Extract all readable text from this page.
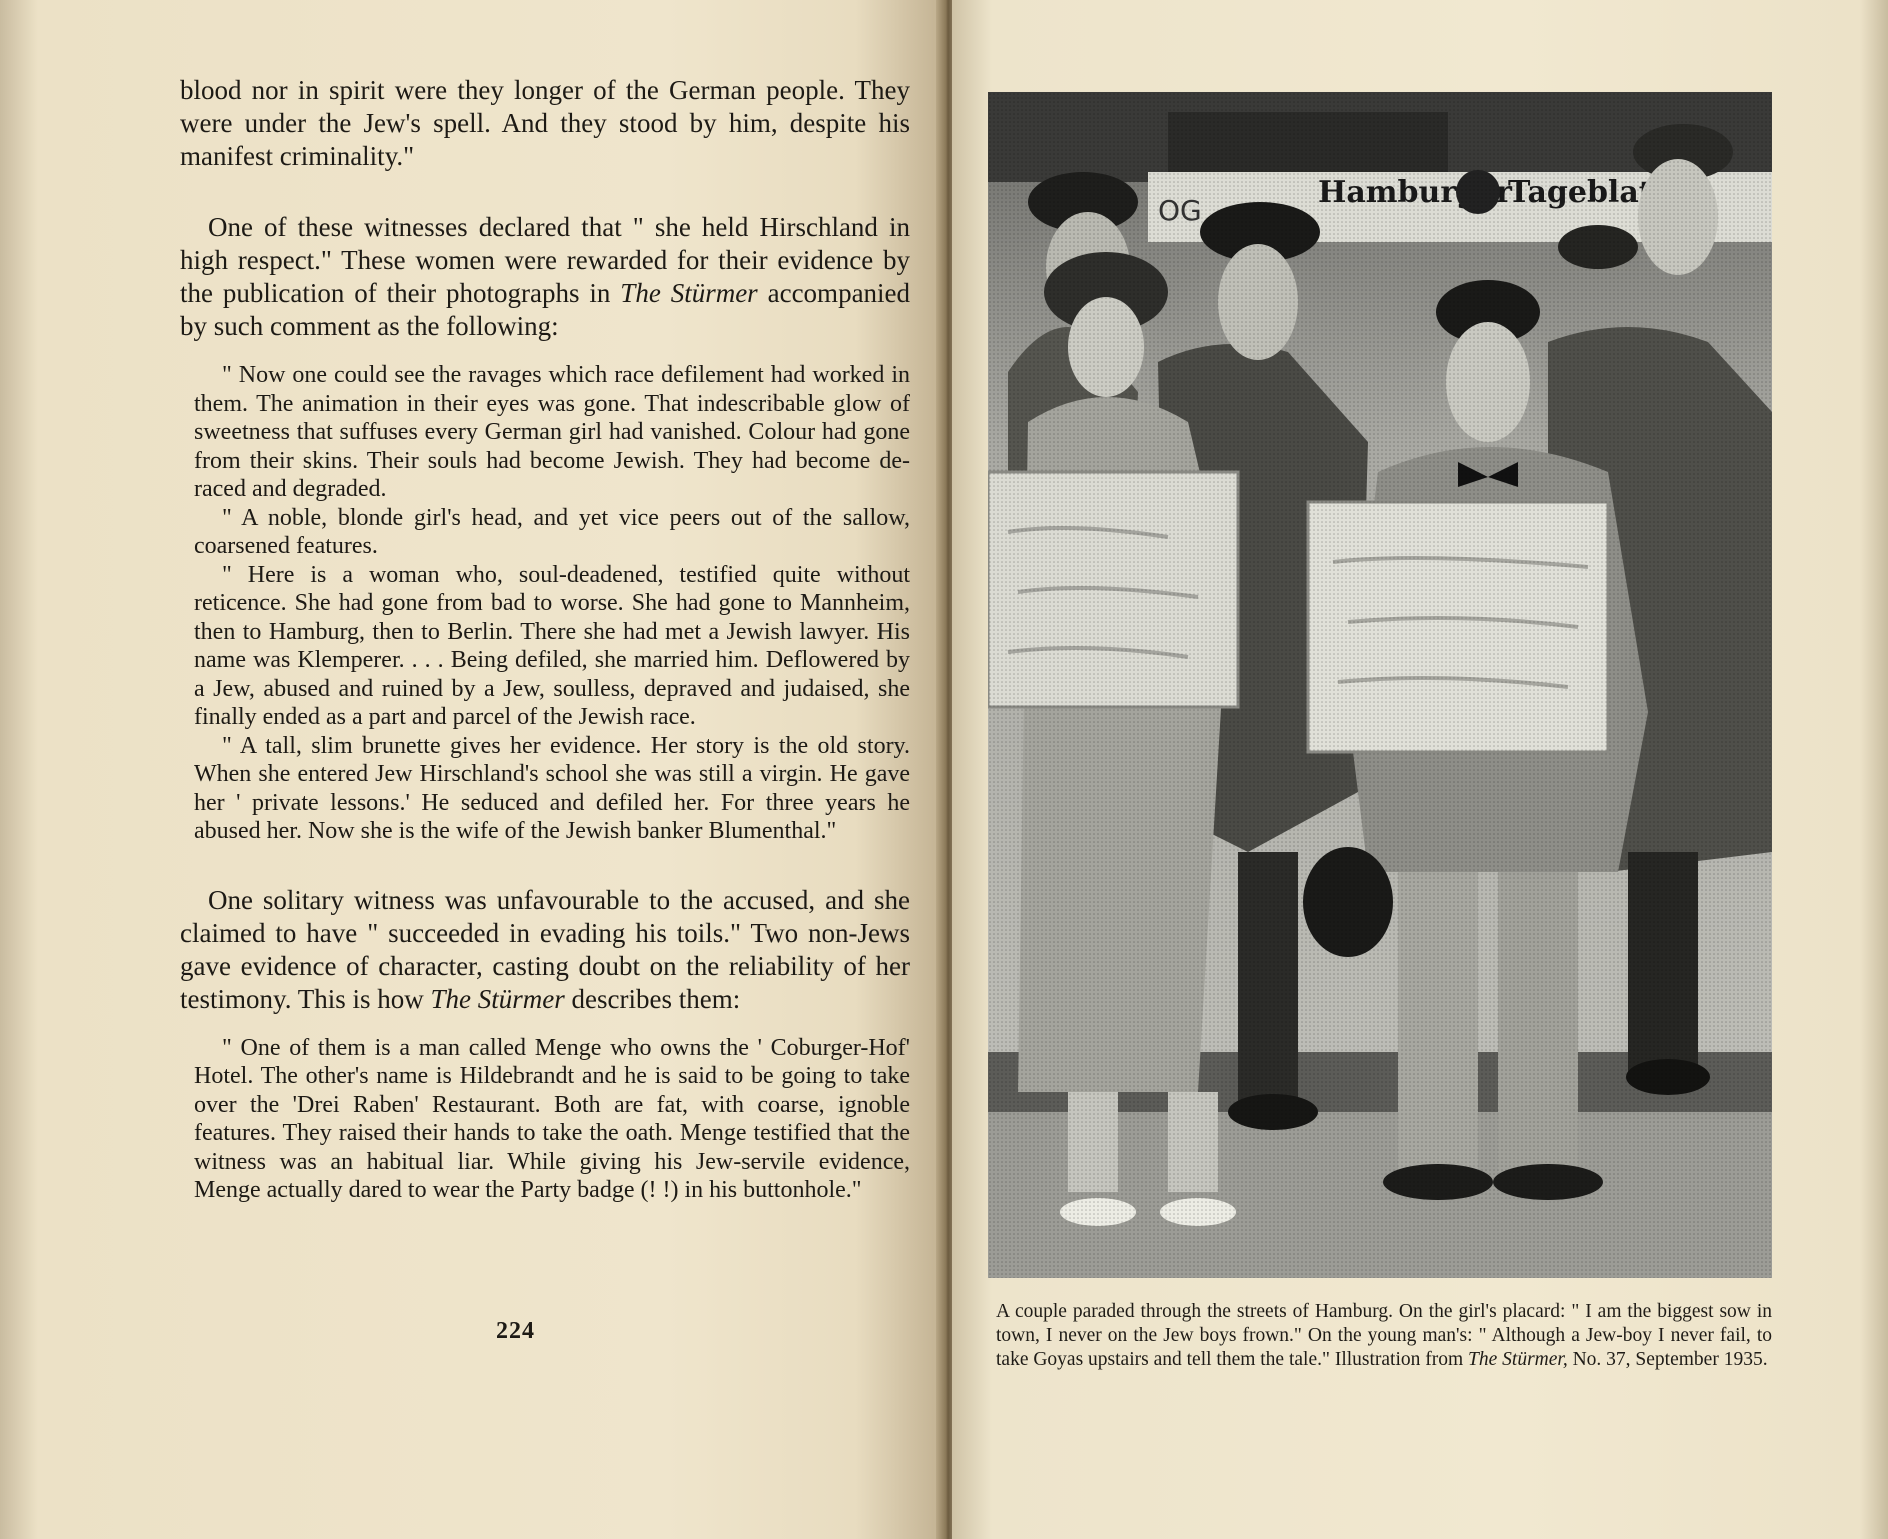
blood nor in spirit were they longer of the German people. They were under the Jew's spell. And they stood by him, despite his manifest criminality."

One of these witnesses declared that " she held Hirschland in high respect." These women were rewarded for their evidence by the publication of their photographs in The Stürmer accompanied by such comment as the following:

" Now one could see the ravages which race defilement had worked in them. The animation in their eyes was gone. That indescribable glow of sweetness that suffuses every German girl had vanished. Colour had gone from their skins. Their souls had become Jewish. They had become de-raced and degraded.

" A noble, blonde girl's head, and yet vice peers out of the sallow, coarsened features.

" Here is a woman who, soul-deadened, testified quite without reticence. She had gone from bad to worse. She had gone to Mannheim, then to Hamburg, then to Berlin. There she had met a Jewish lawyer. His name was Klemperer. . . . Being defiled, she married him. Deflowered by a Jew, abused and ruined by a Jew, soulless, depraved and judaised, she finally ended as a part and parcel of the Jewish race.

" A tall, slim brunette gives her evidence. Her story is the old story. When she entered Jew Hirschland's school she was still a virgin. He gave her ' private lessons.' He seduced and defiled her. For three years he abused her. Now she is the wife of the Jewish banker Blumenthal."

One solitary witness was unfavourable to the accused, and she claimed to have " succeeded in evading his toils." Two non-Jews gave evidence of character, casting doubt on the reliability of her testimony. This is how The Stürmer describes them:

" One of them is a man called Menge who owns the ' Coburger-Hof' Hotel. The other's name is Hildebrandt and he is said to be going to take over the 'Drei Raben' Restaurant. Both are fat, with coarse, ignoble features. They raised their hands to take the oath. Menge testified that the witness was an habitual liar. While giving his Jew-servile evidence, Menge actually dared to wear the Party badge (! !) in his buttonhole."

224
A couple paraded through the streets of Hamburg. On the girl's placard: " I am the biggest sow in town, I never on the Jew boys frown." On the young man's: " Although a Jew-boy I never fail, to take Goyas upstairs and tell them the tale." Illustration from The Stürmer, No. 37, September 1935.
